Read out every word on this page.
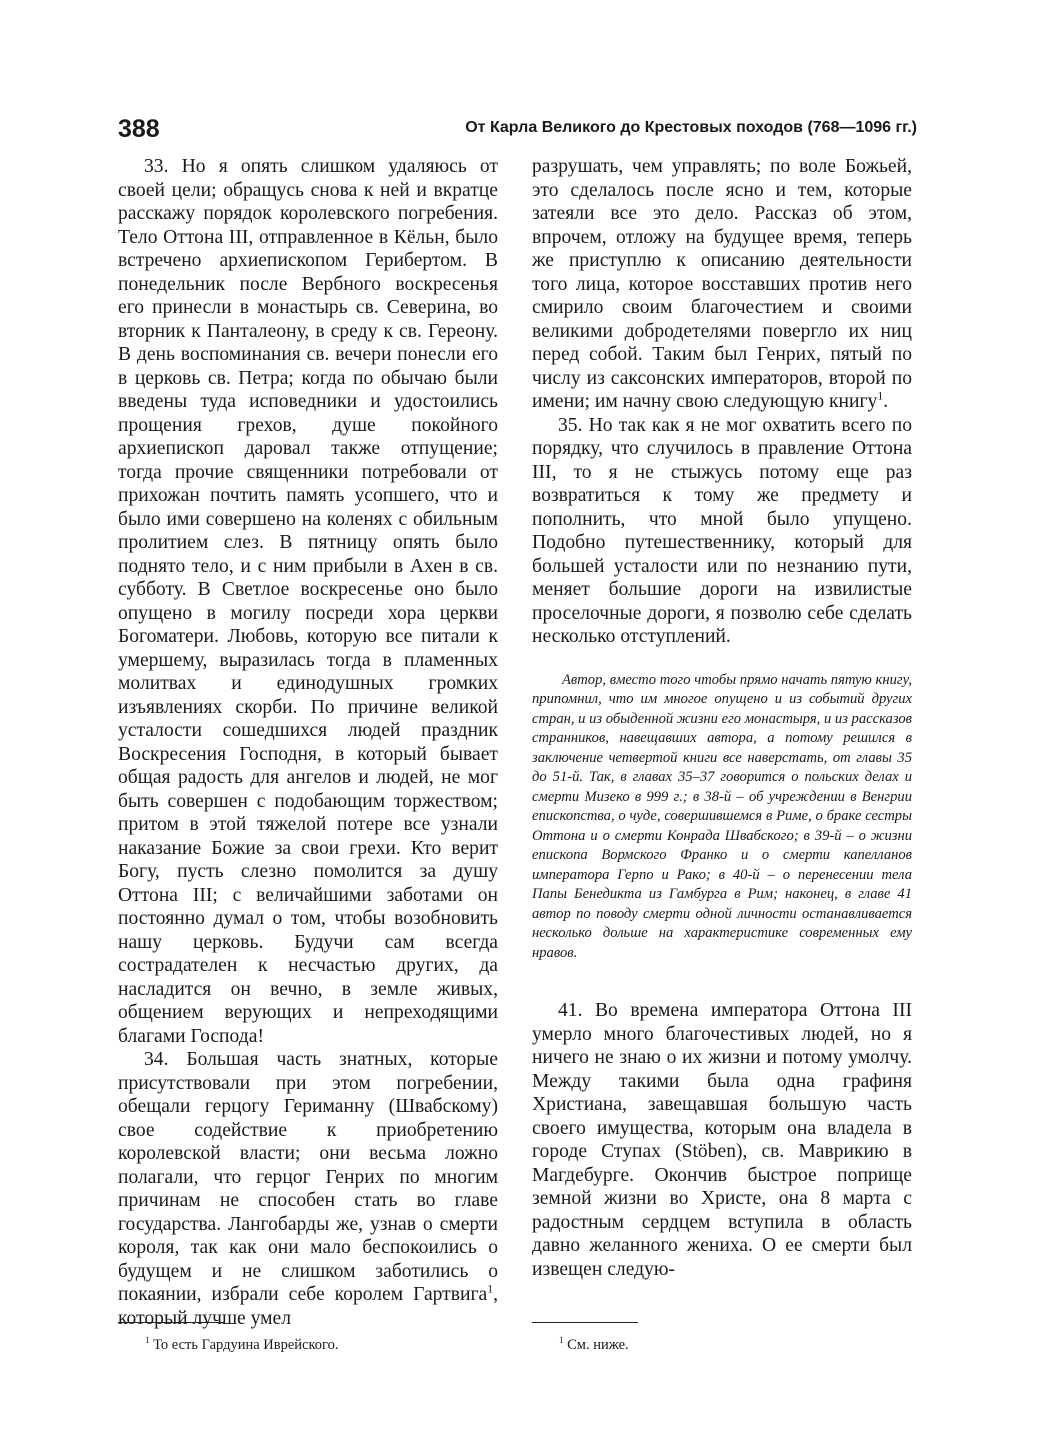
388	От Карла Великого до Крестовых походов (768—1096 гг.)

33. Но я опять слишком удаляюсь от своей цели; обращусь снова к ней и вкратце расскажу порядок королевского погребения. Тело Оттона III, отправленное в Кёльн, было встречено архиепископом Герибертом. В понедельник после Вербного воскресенья его принесли в монастырь св. Северина, во вторник к Панталеону, в среду к св. Гереону. В день воспоминания св. вечери понесли его в церковь св. Петра; когда по обычаю были введены туда исповедники и удостоились прощения грехов, душе покойного архиепископ даровал также отпущение; тогда прочие священники потребовали от прихожан почтить память усопшего, что и было ими совершено на коленях с обильным пролитием слез. В пятницу опять было поднято тело, и с ним прибыли в Ахен в св. субботу. В Светлое воскресенье оно было опущено в могилу посреди хора церкви Богоматери. Любовь, которую все питали к умершему, выразилась тогда в пламенных молитвах и единодушных громких изъявлениях скорби. По причине великой усталости сошедшихся людей праздник Воскресения Господня, в который бывает общая радость для ангелов и людей, не мог быть совершен с подобающим торжеством; притом в этой тяжелой потере все узнали наказание Божие за свои грехи. Кто верит Богу, пусть слезно помолится за душу Оттона III; с величайшими заботами он постоянно думал о том, чтобы возобновить нашу церковь. Будучи сам всегда сострадателен к несчастью других, да насладится он вечно, в земле живых, общением верующих и непреходящими благами Господа!

34. Большая часть знатных, которые присутствовали при этом погребении, обещали герцогу Гериманну (Швабскому) свое содействие к приобретению королевской власти; они весьма ложно полагали, что герцог Генрих по многим причинам не способен стать во главе государства. Лангобарды же, узнав о смерти короля, так как они мало беспокоились о будущем и не слишком заботились о покаянии, избрали себе королем Гартвига$^1$, который лучше умел

разрушать, чем управлять; по воле Божьей, это сделалось после ясно и тем, которые затеяли все это дело. Рассказ об этом, впрочем, отложу на будущее время, теперь же приступлю к описанию деятельности того лица, которое восставших против него смирило своим благочестием и своими великими добродетелями повергло их ниц перед собой. Таким был Генрих, пятый по числу из саксонских императоров, второй по имени; им начну свою следующую книгу$^1$.

35. Но так как я не мог охватить всего по порядку, что случилось в правление Оттона III, то я не стыжусь потому еще раз возвратиться к тому же предмету и пополнить, что мной было упущено. Подобно путешественнику, который для большей усталости или по незнанию пути, меняет большие дороги на извилистые проселочные дороги, я позволю себе сделать несколько отступлений.

Автор, вместо того чтобы прямо начать пятую книгу, припомнил, что им многое опущено и из событий других стран, и из обыденной жизни его монастыря, и из рассказов странников, навещавших автора, а потому решился в заключение четвертой книги все наверстать, от главы 35 до 51-й. Так, в главах 35–37 говорится о польских делах и смерти Мизеко в 999 г.; в 38-й – об учреждении в Венгрии епископства, о чуде, совершившемся в Риме, о браке сестры Оттона и о смерти Конрада Швабского; в 39-й – о жизни епископа Вормского Франко и о смерти капелланов императора Герпо и Рако; в 40-й – о перенесении тела Папы Бенедикта из Гамбурга в Рим; наконец, в главе 41 автор по поводу смерти одной личности останавливается несколько дольше на характеристике современных ему нравов.

41. Во времена императора Оттона III умерло много благочестивых людей, но я ничего не знаю о их жизни и потому умолчу. Между такими была одна графиня Христиана, завещавшая большую часть своего имущества, которым она владела в городе Ступах (Stöben), св. Маврикию в Магдебурге. Окончив быстрое поприще земной жизни во Христе, она 8 марта с радостным сердцем вступила в область давно желанного жениха. О ее смерти был извещен следую-

$^1$ То есть Гардуина Иврейского.	$^1$ См. ниже.
